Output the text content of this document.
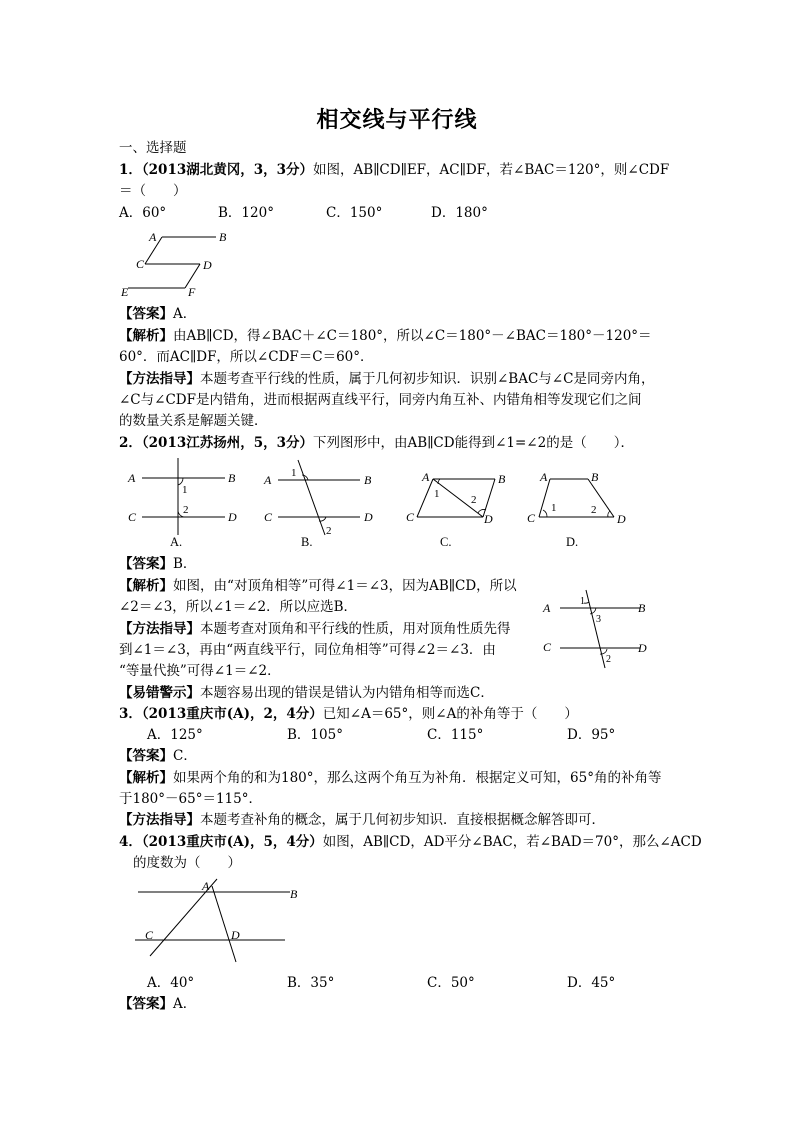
相交线与平行线
一、选择题
1．（2013湖北黄冈，3，3分）如图，AB∥CD∥EF，AC∥DF，若∠BAC＝120°，则∠CDF
＝（　　）
A．60°	B．120°	C．150°	D．180°
A	B
C	D
E	F
【答案】A．
【解析】由AB∥CD，得∠BAC＋∠C＝180°，所以∠C＝180°－∠BAC＝180°－120°＝
60°．而AC∥DF，所以∠CDF＝C＝60°．
【方法指导】本题考查平行线的性质，属于几何初步知识．识别∠BAC与∠C是同旁内角，
∠C与∠CDF是内错角，进而根据两直线平行，同旁内角互补、内错角相等发现它们之间
的数量关系是解题关键．
2．（2013江苏扬州，5，3分）下列图形中，由AB∥CD能得到∠1=∠2的是（　　）．
A	B
C	D
A	B
C	D
A	B
C	D
A	B
C	D
1
2
1
2
1	2
1	2
A.	B.	C.	D.
【答案】B．
【解析】如图，由“对顶角相等”可得∠1＝∠3，因为AB∥CD，所以
∠2＝∠3，所以∠1＝∠2．所以应选B．
【方法指导】本题考查对顶角和平行线的性质，用对顶角性质先得
到∠1＝∠3，再由“两直线平行，同位角相等”可得∠2＝∠3．由
“等量代换”可得∠1＝∠2．
【易错警示】本题容易出现的错误是错认为内错角相等而选C．
A	B
C	D
1
3
2
3．（2013重庆市(A)，2，4分）已知∠A＝65°，则∠A的补角等于（　　）
A．125°	B．105°	C．115°	D．95°
【答案】C．
【解析】如果两个角的和为180°，那么这两个角互为补角．根据定义可知，65°角的补角等
于180°－65°＝115°．
【方法指导】本题考查补角的概念，属于几何初步知识．直接根据概念解答即可．
4．（2013重庆市(A)，5，4分）如图，AB∥CD，AD平分∠BAC，若∠BAD＝70°，那么∠ACD
的度数为（　　）
A
B
C	D
A．40°	B．35°	C．50°	D．45°
【答案】A．
